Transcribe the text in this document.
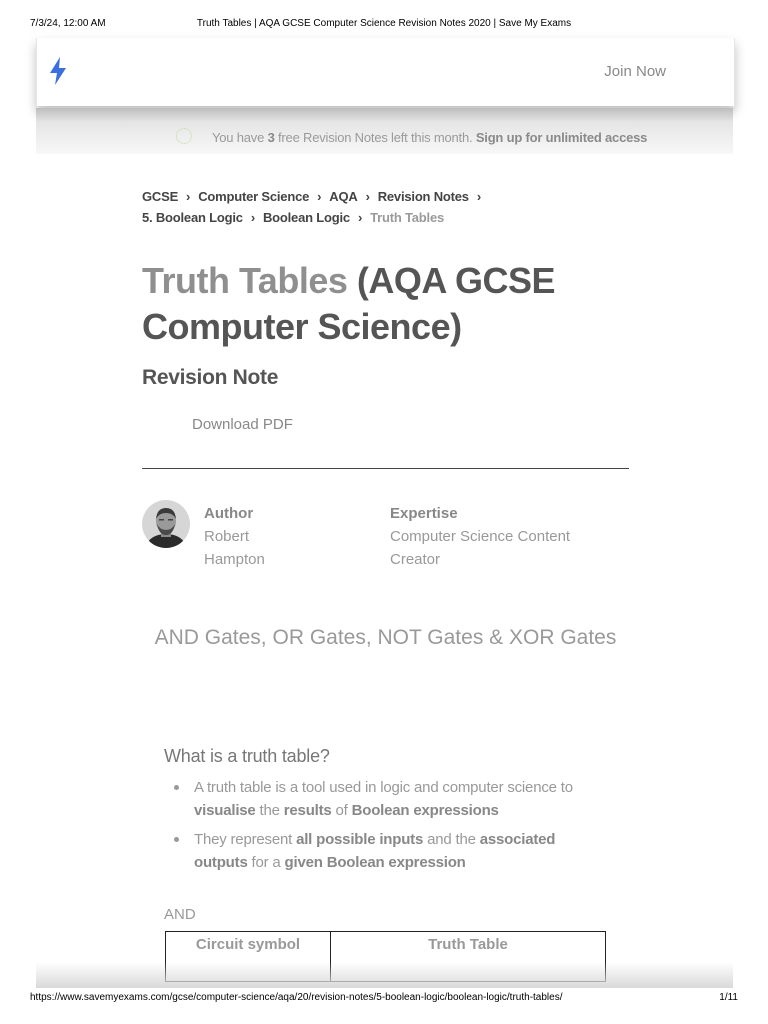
7/3/24, 12:00 AM	Truth Tables | AQA GCSE Computer Science Revision Notes 2020 | Save My Exams
Join Now
You have 3 free Revision Notes left this month. Sign up for unlimited access
GCSE › Computer Science › AQA › Revision Notes ›
5. Boolean Logic › Boolean Logic › Truth Tables
Truth Tables (AQA GCSE Computer Science)
Revision Note
Download PDF
Author
Robert
Hampton
Expertise
Computer Science Content
Creator
AND Gates, OR Gates, NOT Gates & XOR Gates
What is a truth table?
A truth table is a tool used in logic and computer science to visualise the results of Boolean expressions
They represent all possible inputs and the associated outputs for a given Boolean expression
AND
Circuit symbol	Truth Table
https://www.savemyexams.com/gcse/computer-science/aqa/20/revision-notes/5-boolean-logic/boolean-logic/truth-tables/	1/11
